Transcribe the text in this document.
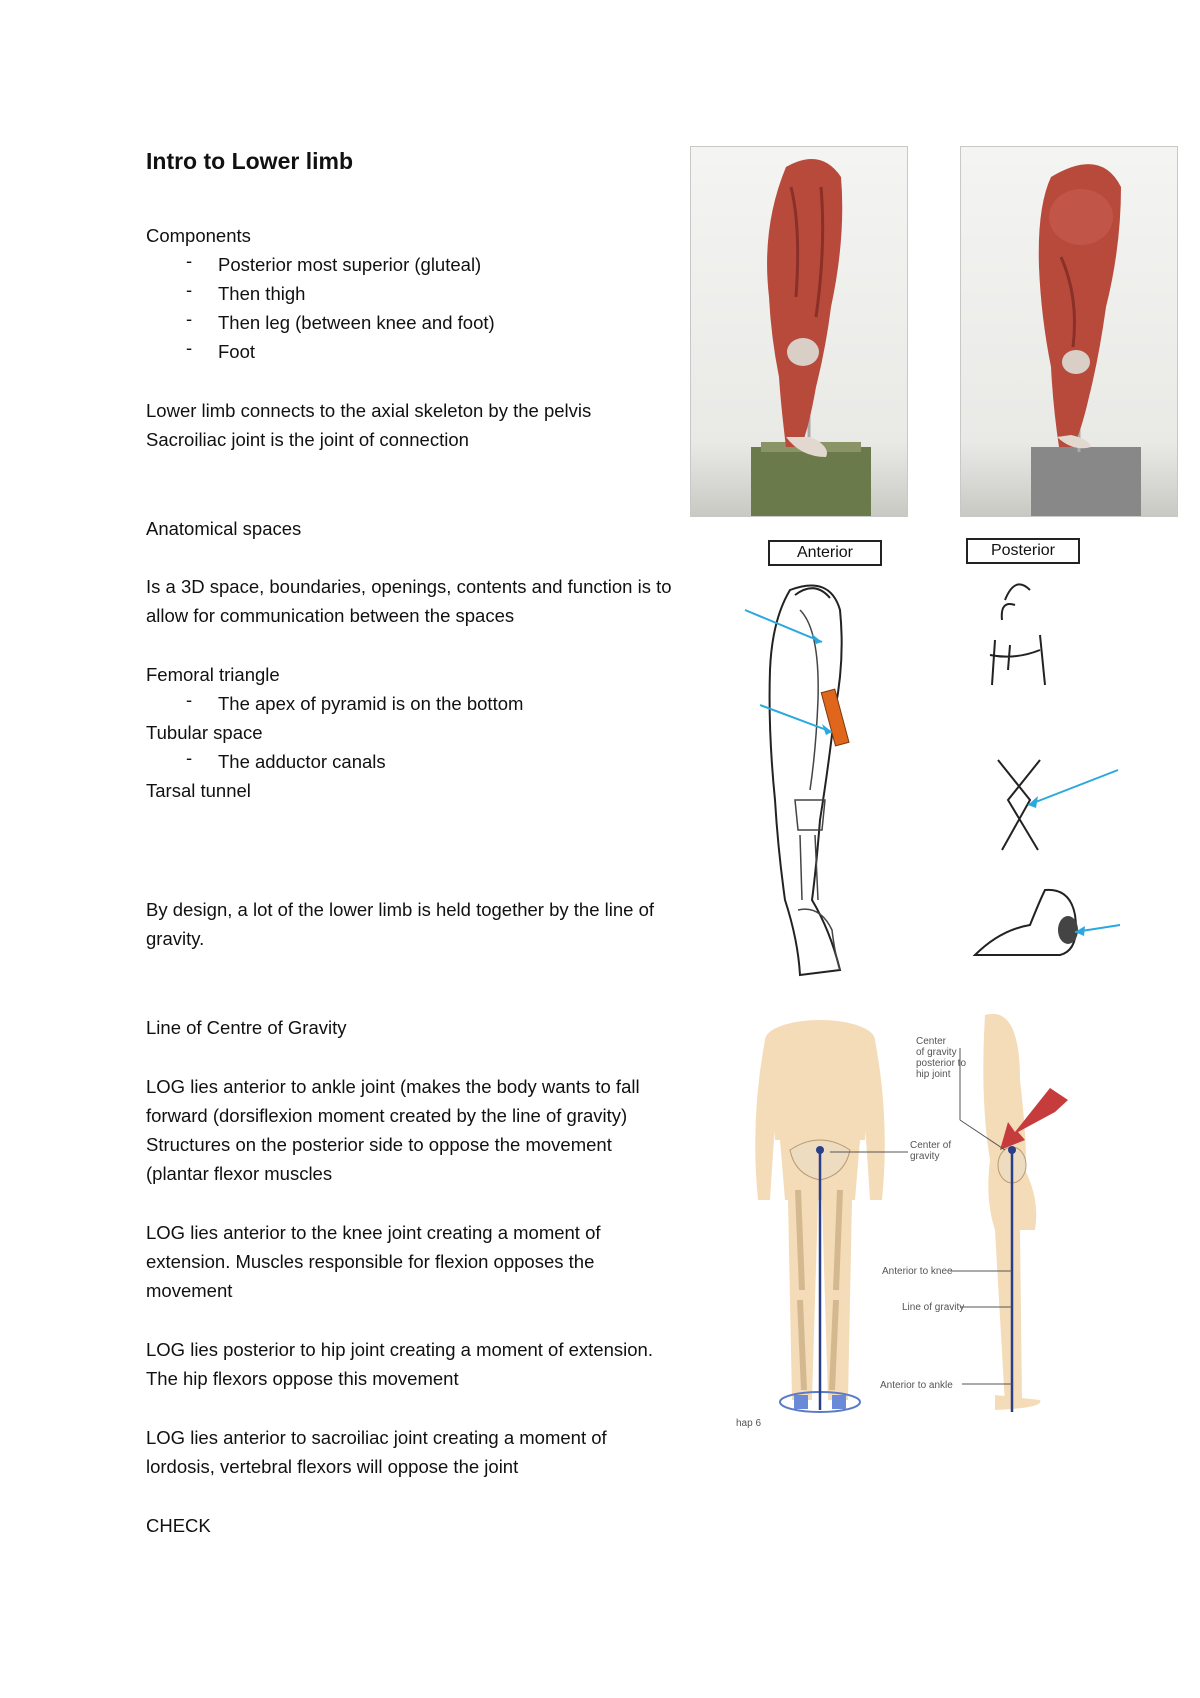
Intro to Lower limb
Components
- Posterior most superior (gluteal)
- Then thigh
- Then leg (between knee and foot)
- Foot
Lower limb connects to the axial skeleton by the pelvis
Sacroiliac joint is the joint of connection
Anatomical spaces
Is a 3D space, boundaries, openings, contents and function is to
allow for communication between the spaces
Femoral triangle
- The apex of pyramid is on the bottom
Tubular space
- The adductor canals
Tarsal tunnel
By design, a lot of the lower limb is held together by the line of
gravity.
Line of Centre of Gravity
LOG lies anterior to ankle joint (makes the body wants to fall
forward (dorsiflexion moment created by the line of gravity)
Structures on the posterior side to oppose the movement
(plantar flexor muscles
LOG lies anterior to the knee joint creating a moment of
extension. Muscles responsible for flexion opposes the
movement
LOG lies posterior to hip joint creating a moment of extension.
The hip flexors oppose this movement
LOG lies anterior to sacroiliac joint creating a moment of
lordosis, vertebral flexors will oppose the joint
CHECK
Anterior	Posterior
Center
of gravity
posterior to
hip joint
Center of
gravity
Anterior to knee
Line of gravity
Anterior to ankle
hap 6
